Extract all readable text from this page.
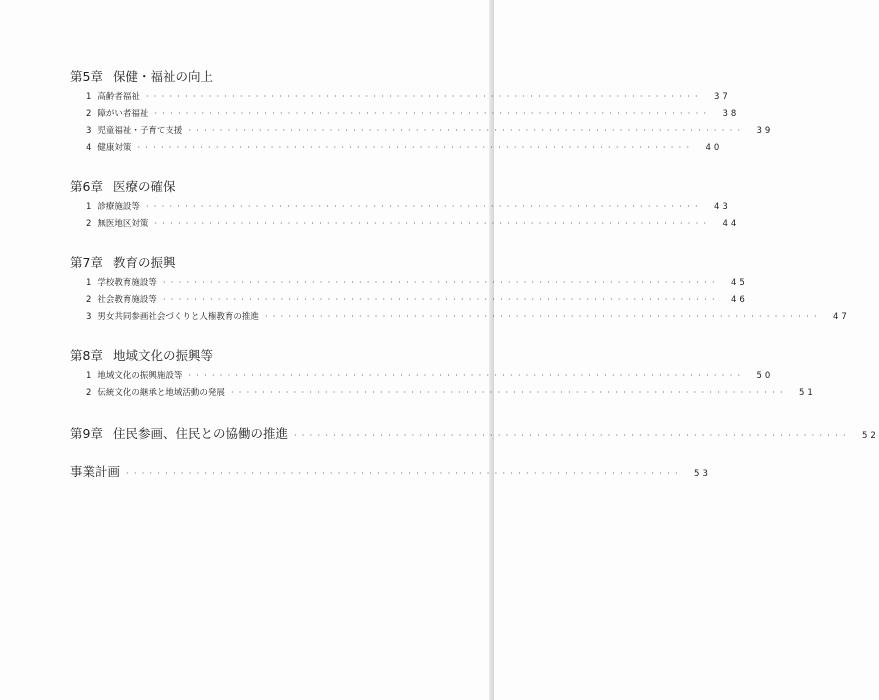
第5章 保健・福祉の向上
1 高齢者福祉 ·······································································	37
2 障がい者福祉 ·······································································	38
3 児童福祉・子育て支援 ·······································································	39
4 健康対策 ·······································································	40
第6章 医療の確保
1 診療施設等 ·······································································	43
2 無医地区対策 ·······································································	44
第7章 教育の振興
1 学校教育施設等 ·······································································	45
2 社会教育施設等 ·······································································	46
3 男女共同参画社会づくりと人権教育の推進 ·······································································	47
第8章 地域文化の振興等
1 地域文化の振興施設等 ·······································································	50
2 伝統文化の継承と地域活動の発展 ·······································································	51
第9章 住民参画、住民との協働の推進 ·······································································	52
事業計画 ·······································································	53
